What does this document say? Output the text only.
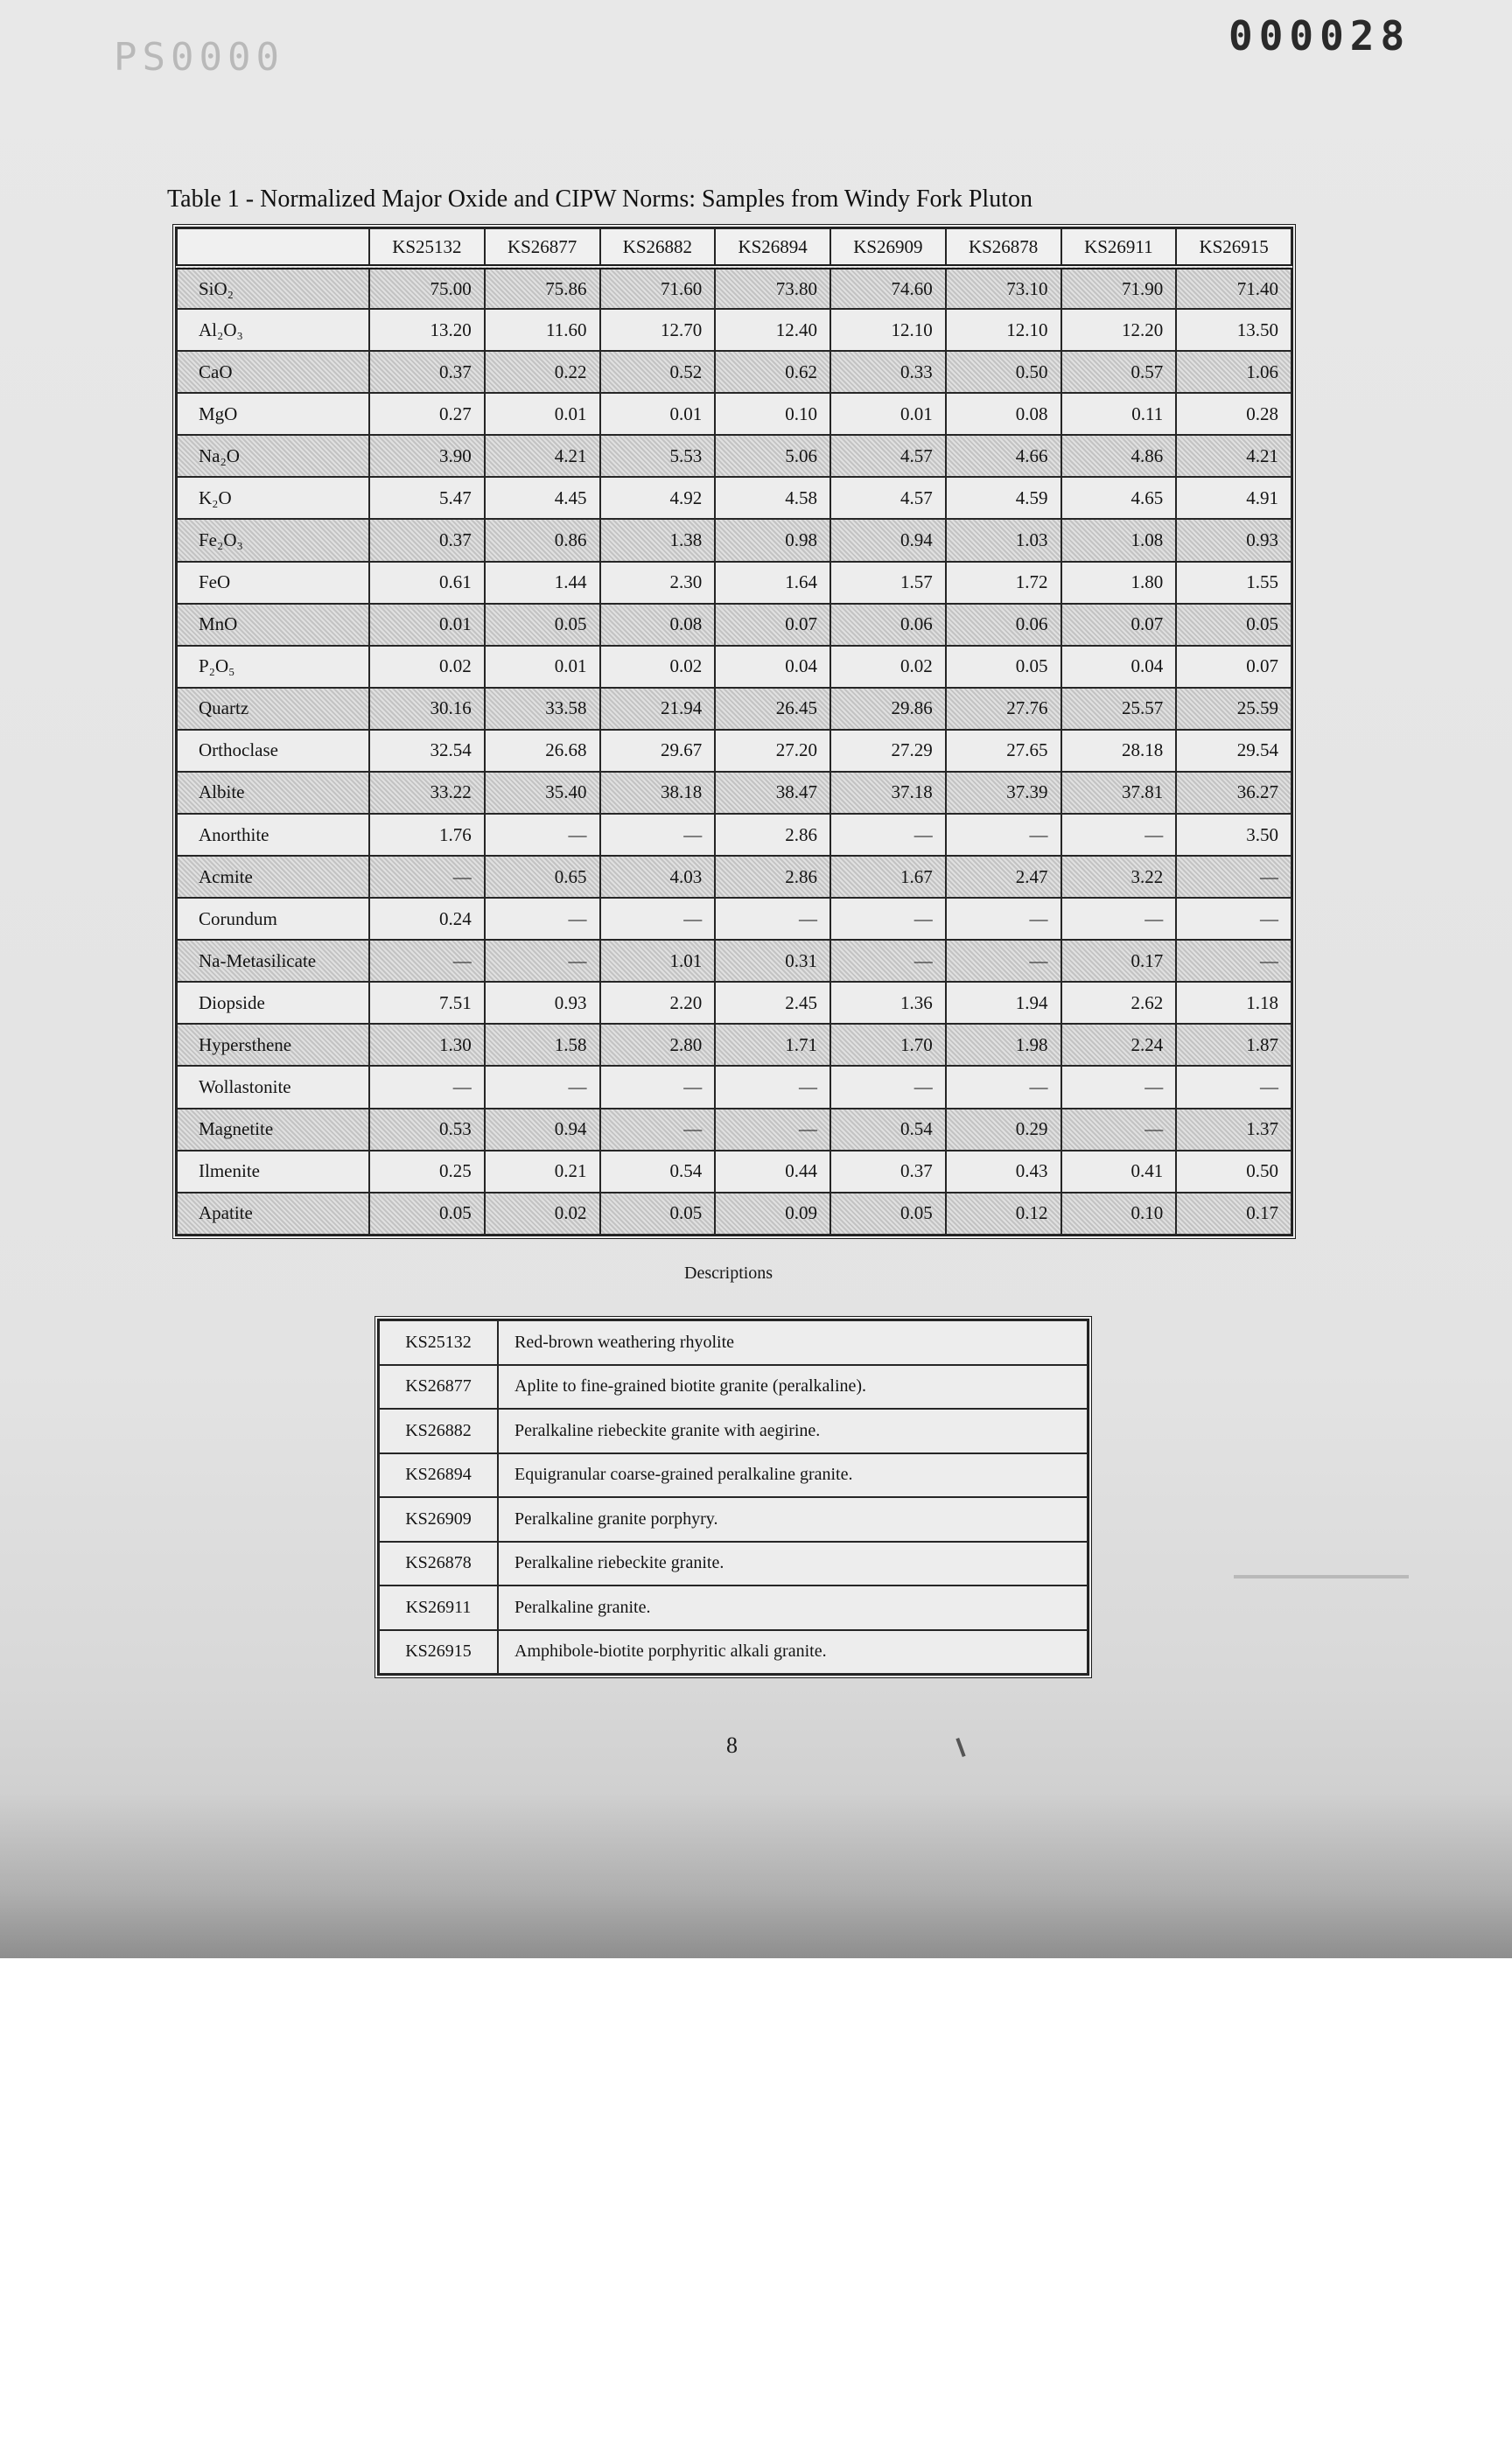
PS0000	000028
Table 1 - Normalized Major Oxide and CIPW Norms: Samples from Windy Fork Pluton
	KS25132	KS26877	KS26882	KS26894	KS26909	KS26878	KS26911	KS26915
SiO₂	75.00	75.86	71.60	73.80	74.60	73.10	71.90	71.40
Al₂O₃	13.20	11.60	12.70	12.40	12.10	12.10	12.20	13.50
CaO	0.37	0.22	0.52	0.62	0.33	0.50	0.57	1.06
MgO	0.27	0.01	0.01	0.10	0.01	0.08	0.11	0.28
Na₂O	3.90	4.21	5.53	5.06	4.57	4.66	4.86	4.21
K₂O	5.47	4.45	4.92	4.58	4.57	4.59	4.65	4.91
Fe₂O₃	0.37	0.86	1.38	0.98	0.94	1.03	1.08	0.93
FeO	0.61	1.44	2.30	1.64	1.57	1.72	1.80	1.55
MnO	0.01	0.05	0.08	0.07	0.06	0.06	0.07	0.05
P₂O₅	0.02	0.01	0.02	0.04	0.02	0.05	0.04	0.07
Quartz	30.16	33.58	21.94	26.45	29.86	27.76	25.57	25.59
Orthoclase	32.54	26.68	29.67	27.20	27.29	27.65	28.18	29.54
Albite	33.22	35.40	38.18	38.47	37.18	37.39	37.81	36.27
Anorthite	1.76	—	—	2.86	—	—	—	3.50
Acmite	—	0.65	4.03	2.86	1.67	2.47	3.22	—
Corundum	0.24	—	—	—	—	—	—	—
Na-Metasilicate	—	—	1.01	0.31	—	—	0.17	—
Diopside	7.51	0.93	2.20	2.45	1.36	1.94	2.62	1.18
Hypersthene	1.30	1.58	2.80	1.71	1.70	1.98	2.24	1.87
Wollastonite	—	—	—	—	—	—	—	—
Magnetite	0.53	0.94	—	—	0.54	0.29	—	1.37
Ilmenite	0.25	0.21	0.54	0.44	0.37	0.43	0.41	0.50
Apatite	0.05	0.02	0.05	0.09	0.05	0.12	0.10	0.17
Descriptions
KS25132	Red-brown weathering rhyolite
KS26877	Aplite to fine-grained biotite granite (peralkaline).
KS26882	Peralkaline riebeckite granite with aegirine.
KS26894	Equigranular coarse-grained peralkaline granite.
KS26909	Peralkaline granite porphyry.
KS26878	Peralkaline riebeckite granite.
KS26911	Peralkaline granite.
KS26915	Amphibole-biotite porphyritic alkali granite.
8
